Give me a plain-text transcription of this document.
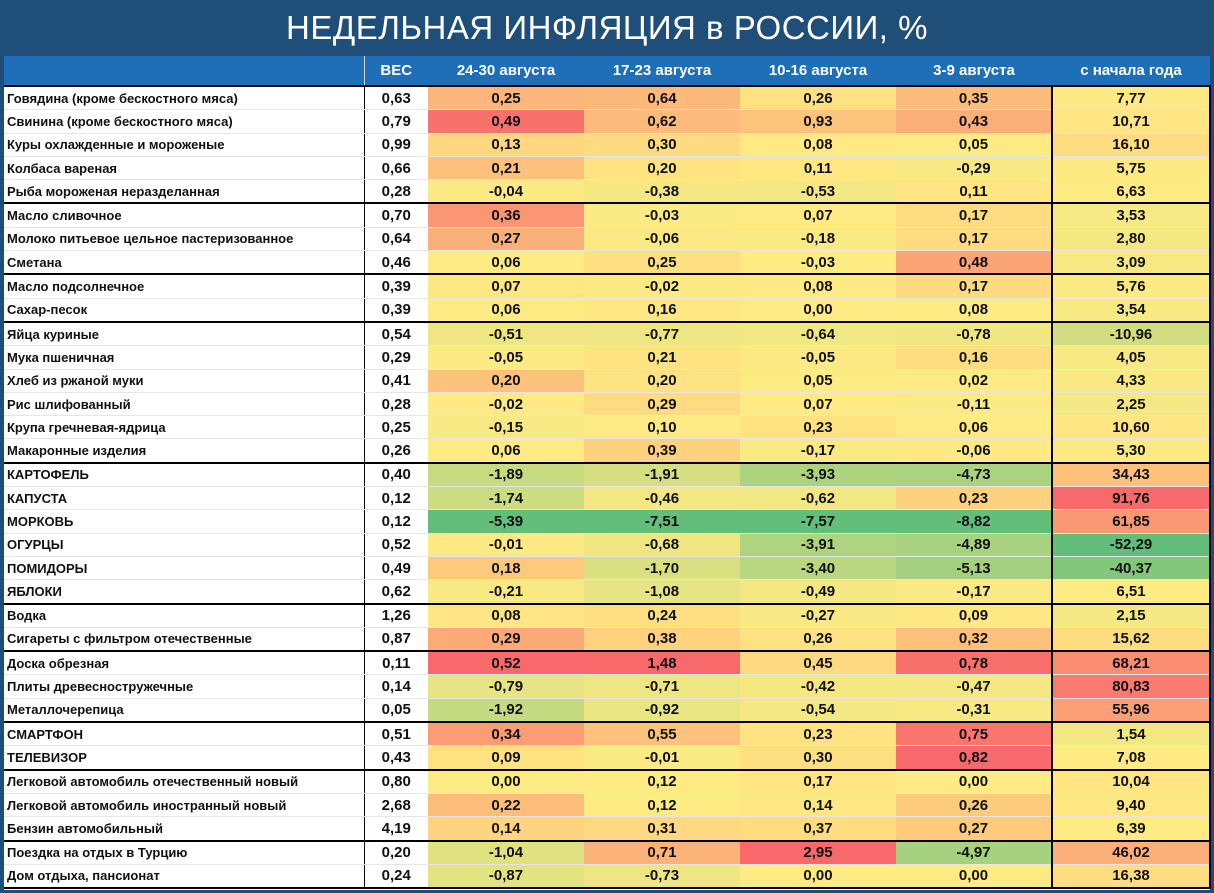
НЕДЕЛЬНАЯ ИНФЛЯЦИЯ в РОССИИ, %
	ВЕС	24-30 августа	17-23 августа	10-16 августа	3-9 августа	с начала года
Говядина (кроме бескостного мяса)	0,63	0,25	0,64	0,26	0,35	7,77
Свинина (кроме бескостного мяса)	0,79	0,49	0,62	0,93	0,43	10,71
Куры охлажденные и мороженые	0,99	0,13	0,30	0,08	0,05	16,10
Колбаса вареная	0,66	0,21	0,20	0,11	-0,29	5,75
Рыба мороженая неразделанная	0,28	-0,04	-0,38	-0,53	0,11	6,63
Масло сливочное	0,70	0,36	-0,03	0,07	0,17	3,53
Молоко питьевое цельное пастеризованное	0,64	0,27	-0,06	-0,18	0,17	2,80
Сметана	0,46	0,06	0,25	-0,03	0,48	3,09
Масло подсолнечное	0,39	0,07	-0,02	0,08	0,17	5,76
Сахар-песок	0,39	0,06	0,16	0,00	0,08	3,54
Яйца куриные	0,54	-0,51	-0,77	-0,64	-0,78	-10,96
Мука пшеничная	0,29	-0,05	0,21	-0,05	0,16	4,05
Хлеб из ржаной муки	0,41	0,20	0,20	0,05	0,02	4,33
Рис шлифованный	0,28	-0,02	0,29	0,07	-0,11	2,25
Крупа гречневая-ядрица	0,25	-0,15	0,10	0,23	0,06	10,60
Макаронные изделия	0,26	0,06	0,39	-0,17	-0,06	5,30
КАРТОФЕЛЬ	0,40	-1,89	-1,91	-3,93	-4,73	34,43
КАПУСТА	0,12	-1,74	-0,46	-0,62	0,23	91,76
МОРКОВЬ	0,12	-5,39	-7,51	-7,57	-8,82	61,85
ОГУРЦЫ	0,52	-0,01	-0,68	-3,91	-4,89	-52,29
ПОМИДОРЫ	0,49	0,18	-1,70	-3,40	-5,13	-40,37
ЯБЛОКИ	0,62	-0,21	-1,08	-0,49	-0,17	6,51
Водка	1,26	0,08	0,24	-0,27	0,09	2,15
Сигареты с фильтром отечественные	0,87	0,29	0,38	0,26	0,32	15,62
Доска обрезная	0,11	0,52	1,48	0,45	0,78	68,21
Плиты древесностружечные	0,14	-0,79	-0,71	-0,42	-0,47	80,83
Металлочерепица	0,05	-1,92	-0,92	-0,54	-0,31	55,96
СМАРТФОН	0,51	0,34	0,55	0,23	0,75	1,54
ТЕЛЕВИЗОР	0,43	0,09	-0,01	0,30	0,82	7,08
Легковой автомобиль отечественный новый	0,80	0,00	0,12	0,17	0,00	10,04
Легковой автомобиль иностранный новый	2,68	0,22	0,12	0,14	0,26	9,40
Бензин автомобильный	4,19	0,14	0,31	0,37	0,27	6,39
Поездка на отдых в Турцию	0,20	-1,04	0,71	2,95	-4,97	46,02
Дом отдыха, пансионат	0,24	-0,87	-0,73	0,00	0,00	16,38
